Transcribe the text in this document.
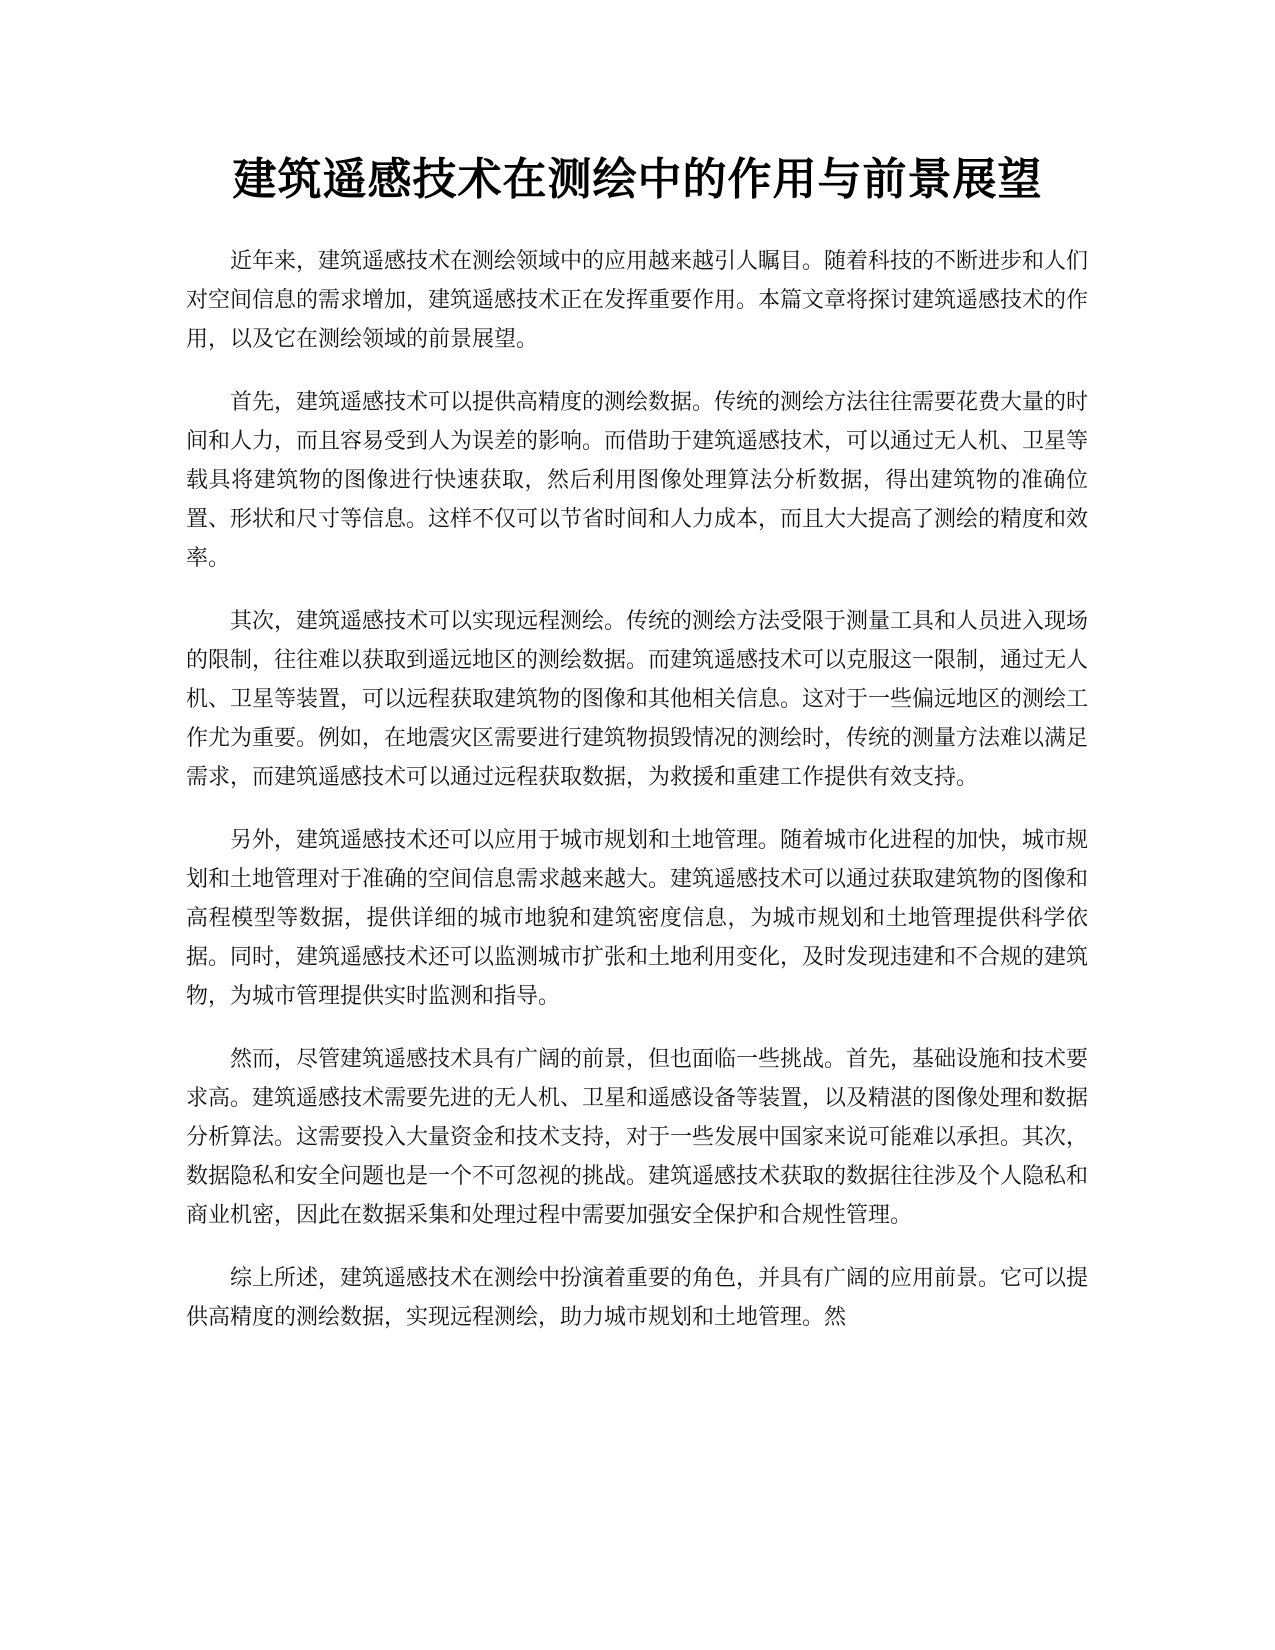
建筑遥感技术在测绘中的作用与前景展望

近年来，建筑遥感技术在测绘领域中的应用越来越引人瞩目。随着科技的不断进步和人们对空间信息的需求增加，建筑遥感技术正在发挥重要作用。本篇文章将探讨建筑遥感技术的作用，以及它在测绘领域的前景展望。

首先，建筑遥感技术可以提供高精度的测绘数据。传统的测绘方法往往需要花费大量的时间和人力，而且容易受到人为误差的影响。而借助于建筑遥感技术，可以通过无人机、卫星等载具将建筑物的图像进行快速获取，然后利用图像处理算法分析数据，得出建筑物的准确位置、形状和尺寸等信息。这样不仅可以节省时间和人力成本，而且大大提高了测绘的精度和效率。

其次，建筑遥感技术可以实现远程测绘。传统的测绘方法受限于测量工具和人员进入现场的限制，往往难以获取到遥远地区的测绘数据。而建筑遥感技术可以克服这一限制，通过无人机、卫星等装置，可以远程获取建筑物的图像和其他相关信息。这对于一些偏远地区的测绘工作尤为重要。例如，在地震灾区需要进行建筑物损毁情况的测绘时，传统的测量方法难以满足需求，而建筑遥感技术可以通过远程获取数据，为救援和重建工作提供有效支持。

另外，建筑遥感技术还可以应用于城市规划和土地管理。随着城市化进程的加快，城市规划和土地管理对于准确的空间信息需求越来越大。建筑遥感技术可以通过获取建筑物的图像和高程模型等数据，提供详细的城市地貌和建筑密度信息，为城市规划和土地管理提供科学依据。同时，建筑遥感技术还可以监测城市扩张和土地利用变化，及时发现违建和不合规的建筑物，为城市管理提供实时监测和指导。

然而，尽管建筑遥感技术具有广阔的前景，但也面临一些挑战。首先，基础设施和技术要求高。建筑遥感技术需要先进的无人机、卫星和遥感设备等装置，以及精湛的图像处理和数据分析算法。这需要投入大量资金和技术支持，对于一些发展中国家来说可能难以承担。其次，数据隐私和安全问题也是一个不可忽视的挑战。建筑遥感技术获取的数据往往涉及个人隐私和商业机密，因此在数据采集和处理过程中需要加强安全保护和合规性管理。

综上所述，建筑遥感技术在测绘中扮演着重要的角色，并具有广阔的应用前景。它可以提供高精度的测绘数据，实现远程测绘，助力城市规划和土地管理。然
